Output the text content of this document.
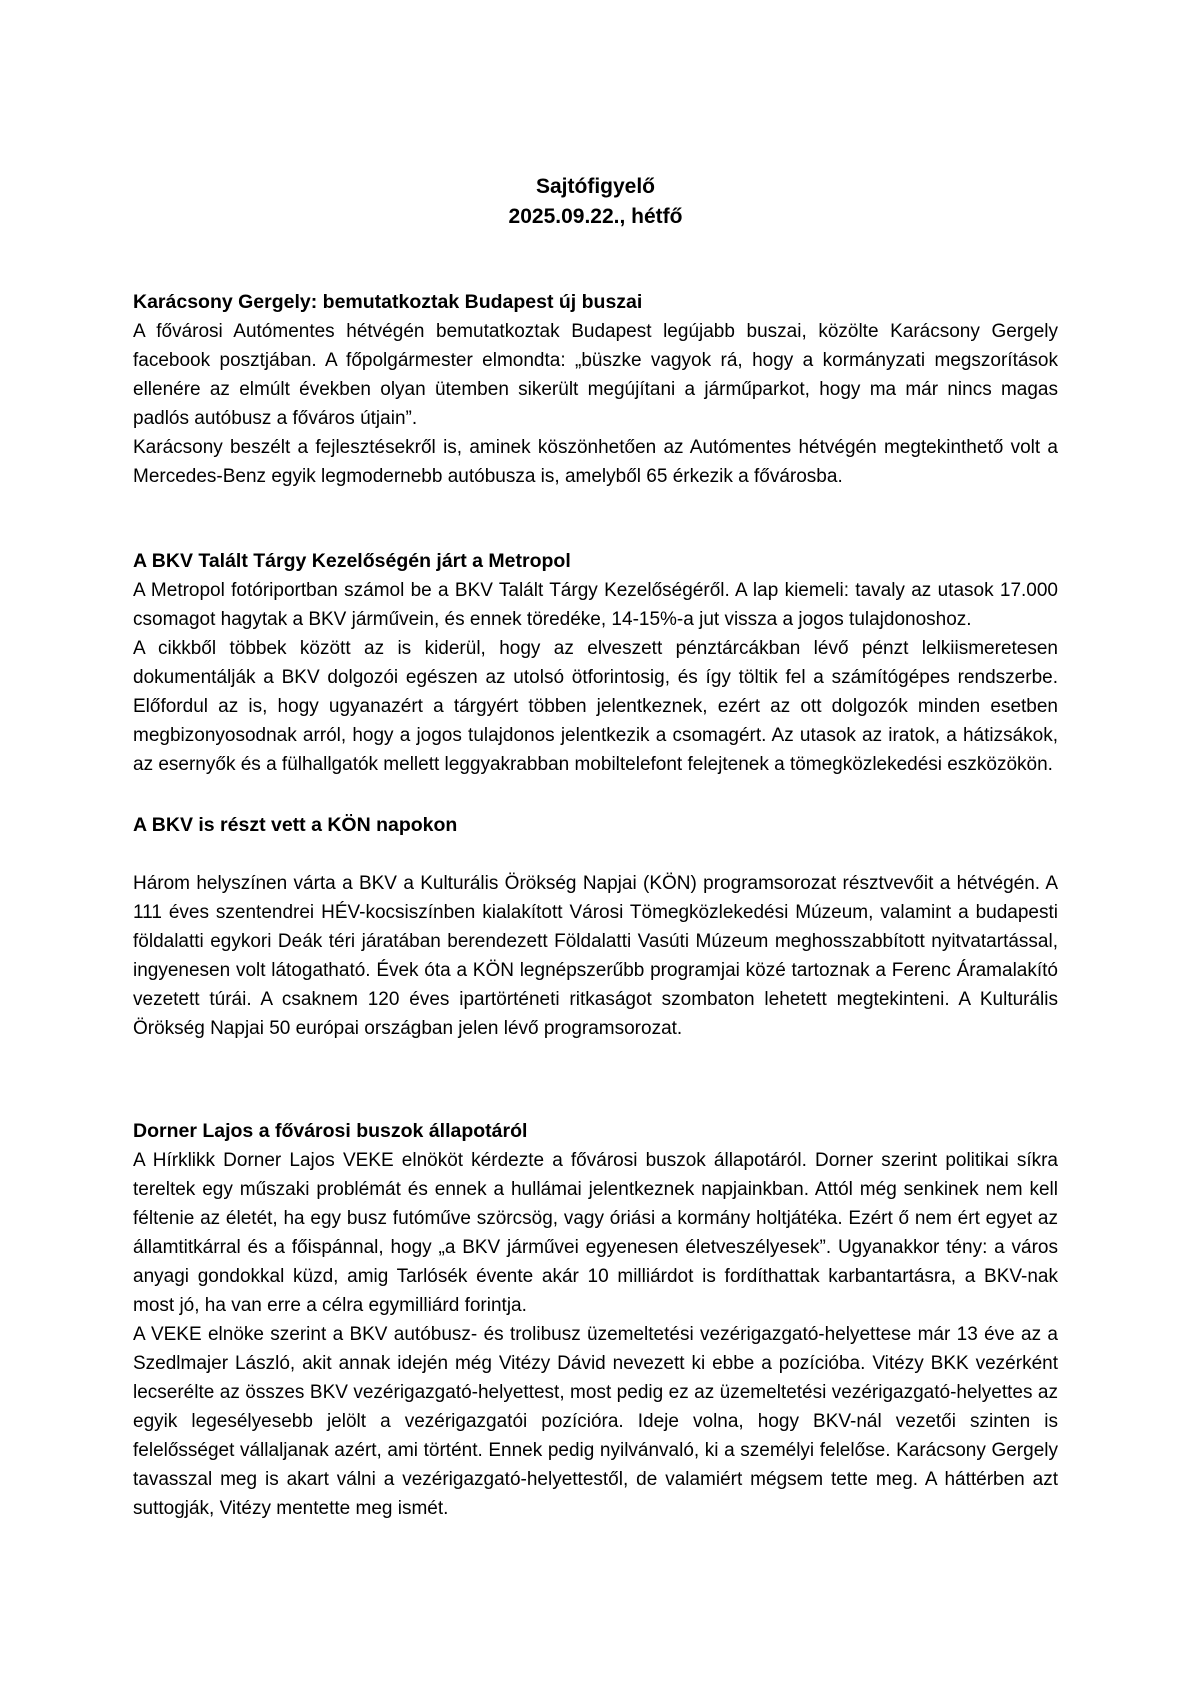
Sajtófigyelő
2025.09.22., hétfő
Karácsony Gergely: bemutatkoztak Budapest új buszai

A fővárosi Autómentes hétvégén bemutatkoztak Budapest legújabb buszai, közölte Karácsony Gergely facebook posztjában. A főpolgármester elmondta: „büszke vagyok rá, hogy a kormányzati megszorítások ellenére az elmúlt években olyan ütemben sikerült megújítani a járműparkot, hogy ma már nincs magas padlós autóbusz a főváros útjain”.

Karácsony beszélt a fejlesztésekről is, aminek köszönhetően az Autómentes hétvégén megtekinthető volt a Mercedes-Benz egyik legmodernebb autóbusza is, amelyből 65 érkezik a fővárosba.

A BKV Talált Tárgy Kezelőségén járt a Metropol

A Metropol fotóriportban számol be a BKV Talált Tárgy Kezelőségéről. A lap kiemeli: tavaly az utasok 17.000 csomagot hagytak a BKV járművein, és ennek töredéke, 14-15%-a jut vissza a jogos tulajdonoshoz.

A cikkből többek között az is kiderül, hogy az elveszett pénztárcákban lévő pénzt lelkiismeretesen dokumentálják a BKV dolgozói egészen az utolsó ötforintosig, és így töltik fel a számítógépes rendszerbe. Előfordul az is, hogy ugyanazért a tárgyért többen jelentkeznek, ezért az ott dolgozók minden esetben megbizonyosodnak arról, hogy a jogos tulajdonos jelentkezik a csomagért. Az utasok az iratok, a hátizsákok, az esernyők és a fülhallgatók mellett leggyakrabban mobiltelefont felejtenek a tömegközlekedési eszközökön.

A BKV is részt vett a KÖN napokon

Három helyszínen várta a BKV a Kulturális Örökség Napjai (KÖN) programsorozat résztvevőit a hétvégén. A 111 éves szentendrei HÉV-kocsiszínben kialakított Városi Tömegközlekedési Múzeum, valamint a budapesti földalatti egykori Deák téri járatában berendezett Földalatti Vasúti Múzeum meghosszabbított nyitvatartással, ingyenesen volt látogatható. Évek óta a KÖN legnépszerűbb programjai közé tartoznak a Ferenc Áramalakító vezetett túrái. A csaknem 120 éves ipartörténeti ritkaságot szombaton lehetett megtekinteni. A Kulturális Örökség Napjai 50 európai országban jelen lévő programsorozat.

Dorner Lajos a fővárosi buszok állapotáról

A Hírklikk Dorner Lajos VEKE elnököt kérdezte a fővárosi buszok állapotáról. Dorner szerint politikai síkra tereltek egy műszaki problémát és ennek a hullámai jelentkeznek napjainkban. Attól még senkinek nem kell féltenie az életét, ha egy busz futóműve szörcsög, vagy óriási a kormány holtjátéka. Ezért ő nem ért egyet az államtitkárral és a főispánnal, hogy „a BKV járművei egyenesen életveszélyesek”. Ugyanakkor tény: a város anyagi gondokkal küzd, amig Tarlósék évente akár 10 milliárdot is fordíthattak karbantartásra, a BKV-nak most jó, ha van erre a célra egymilliárd forintja.

A VEKE elnöke szerint a BKV autóbusz- és trolibusz üzemeltetési vezérigazgató-helyettese már 13 éve az a Szedlmajer László, akit annak idején még Vitézy Dávid nevezett ki ebbe a pozícióba. Vitézy BKK vezérként lecserélte az összes BKV vezérigazgató-helyettest, most pedig ez az üzemeltetési vezérigazgató-helyettes az egyik legesélyesebb jelölt a vezérigazgatói pozícióra. Ideje volna, hogy BKV-nál vezetői szinten is felelősséget vállaljanak azért, ami történt. Ennek pedig nyilvánvaló, ki a személyi felelőse. Karácsony Gergely tavasszal meg is akart válni a vezérigazgató-helyettestől, de valamiért mégsem tette meg. A háttérben azt suttogják, Vitézy mentette meg ismét.
